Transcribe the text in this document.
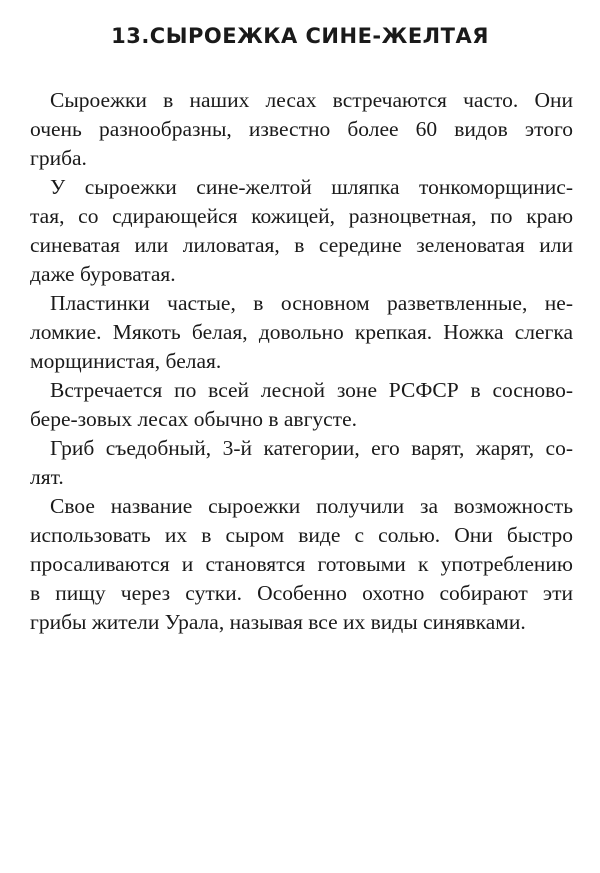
13.СЫРОЕЖКА СИНЕ-ЖЕЛТАЯ
Сыроежки в наших лесах встречаются часто. Они
очень разнообразны, известно более 60 видов этого
гриба.
У сыроежки сине-желтой шляпка тонкоморщинис-
тая, со сдирающейся кожицей, разноцветная, по краю
синеватая или лиловатая, в середине зеленоватая или
даже буроватая.
Пластинки частые, в основном разветвленные, не-
ломкие. Мякоть белая, довольно крепкая. Ножка слегка
морщинистая, белая.
Встречается по всей лесной зоне РСФСР в сосново-
бере-зовых лесах обычно в августе.
Гриб съедобный, 3-й категории, его варят, жарят, со-
лят.
Свое название сыроежки получили за возможность
использовать их в сыром виде с солью. Они быстро
просаливаются и становятся готовыми к употреблению
в пищу через сутки. Особенно охотно собирают эти
грибы жители Урала, называя все их виды синявками.
